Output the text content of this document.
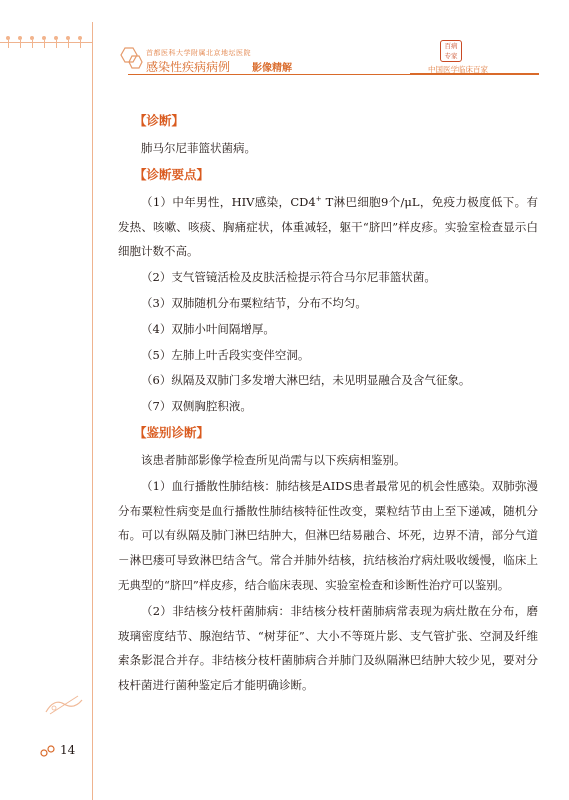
首都医科大学附属北京地坛医院
感染性疾病病例 影像精解
百病
专家
中国医学临床百家
【诊断】

肺马尔尼菲篮状菌病。

【诊断要点】

（1）中年男性，HIV感染，CD4+ T淋巴细胞9个/μL，免疫力极度低下。有发热、咳嗽、咳痰、胸痛症状，体重减轻，躯干“脐凹”样皮疹。实验室检查显示白细胞计数不高。

（2）支气管镜活检及皮肤活检提示符合马尔尼菲篮状菌。

（3）双肺随机分布粟粒结节，分布不均匀。

（4）双肺小叶间隔增厚。

（5）左肺上叶舌段实变伴空洞。

（6）纵隔及双肺门多发增大淋巴结，未见明显融合及含气征象。

（7）双侧胸腔积液。

【鉴别诊断】

该患者肺部影像学检查所见尚需与以下疾病相鉴别。

（1）血行播散性肺结核：肺结核是AIDS患者最常见的机会性感染。双肺弥漫分布粟粒性病变是血行播散性肺结核特征性改变，粟粒结节由上至下递减，随机分布。可以有纵隔及肺门淋巴结肿大，但淋巴结易融合、坏死，边界不清，部分气道－淋巴瘘可导致淋巴结含气。常合并肺外结核，抗结核治疗病灶吸收缓慢，临床上无典型的“脐凹”样皮疹，结合临床表现、实验室检查和诊断性治疗可以鉴别。

（2）非结核分枝杆菌肺病：非结核分枝杆菌肺病常表现为病灶散在分布，磨玻璃密度结节、腺泡结节、“树芽征”、大小不等斑片影、支气管扩张、空洞及纤维索条影混合并存。非结核分枝杆菌肺病合并肺门及纵隔淋巴结肿大较少见，要对分枝杆菌进行菌种鉴定后才能明确诊断。

14
